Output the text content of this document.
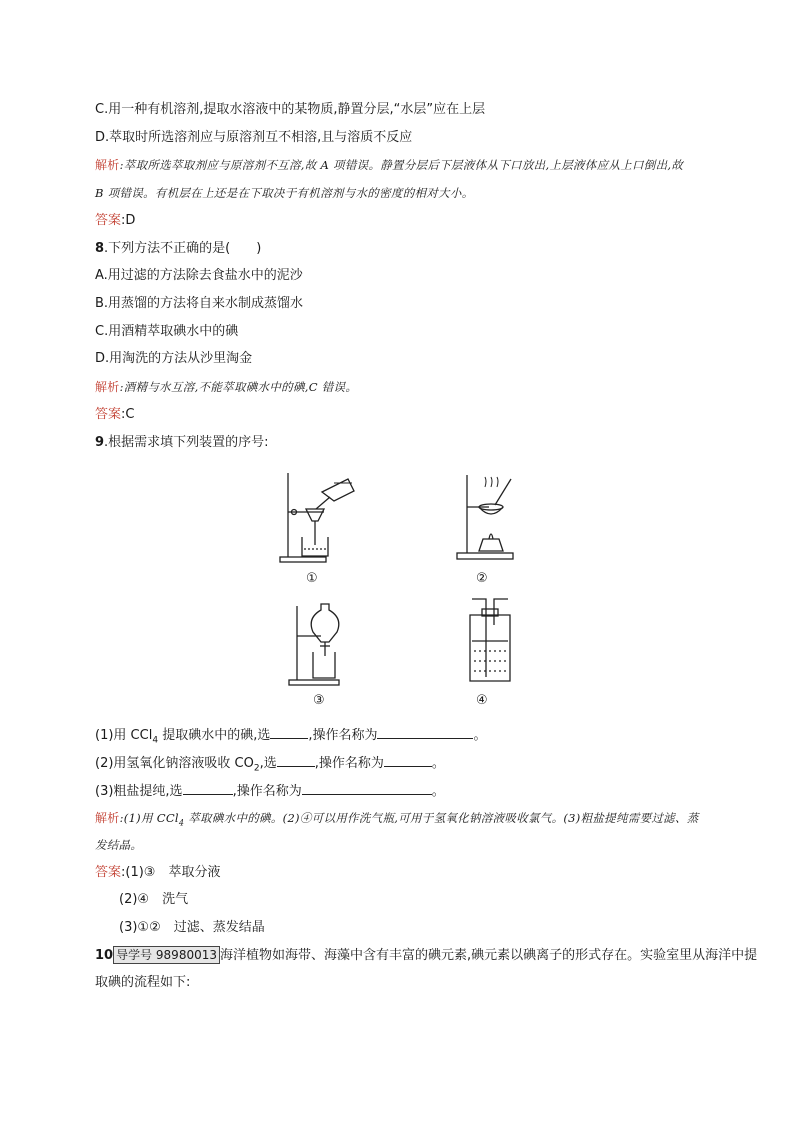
C.用一种有机溶剂,提取水溶液中的某物质,静置分层,“水层”应在上层
D.萃取时所选溶剂应与原溶剂互不相溶,且与溶质不反应
解析:萃取所选萃取剂应与原溶剂不互溶,故 A 项错误。静置分层后下层液体从下口放出,上层液体应从上口倒出,故
B 项错误。有机层在上还是在下取决于有机溶剂与水的密度的相对大小。
答案:D
8.下列方法不正确的是(　　)
A.用过滤的方法除去食盐水中的泥沙
B.用蒸馏的方法将自来水制成蒸馏水
C.用酒精萃取碘水中的碘
D.用淘洗的方法从沙里淘金
解析:酒精与水互溶,不能萃取碘水中的碘,C 错误。
答案:C
9.根据需求填下列装置的序号:
①	②
③	④
(1)用 CCl$_4$ 提取碘水中的碘,选	,操作名称为	。
(2)用氢氧化钠溶液吸收 $CO_2$,选	,操作名称为	。
(3)粗盐提纯,选	,操作名称为	。
解析:(1)用 CCl$_4$ 萃取碘水中的碘。(2)④可以用作洗气瓶,可用于氢氧化钠溶液吸收氯气。(3)粗盐提纯需要过滤、蒸
发结晶。
答案:(1)③　萃取分液
(2)④　洗气
(3)①②　过滤、蒸发结晶
10 导学号 98980013 海洋植物如海带、海藻中含有丰富的碘元素,碘元素以碘离子的形式存在。实验室里从海洋中提
取碘的流程如下:
